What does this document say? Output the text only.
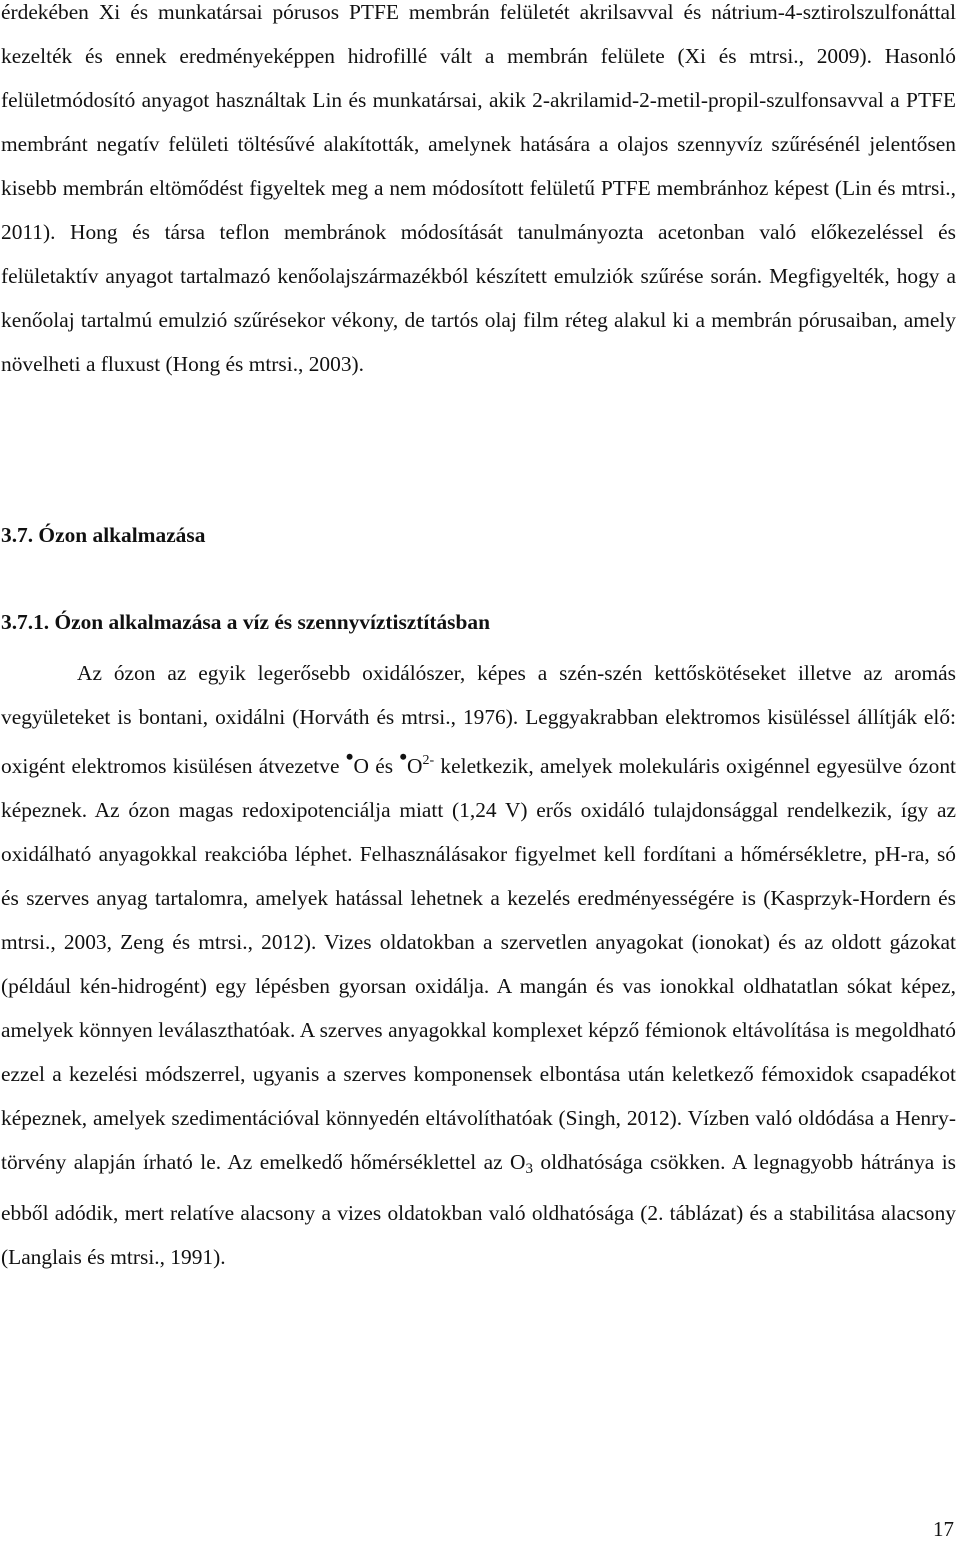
érdekében Xi és munkatársai pórusos PTFE membrán felületét akrilsavval és nátrium-4-sztirolszulfonáttal kezelték és ennek eredményeképpen hidrofillé vált a membrán felülete (Xi és mtrsi., 2009). Hasonló felületmódosító anyagot használtak Lin és munkatársai, akik 2-akrilamid-2-metil-propil-szulfonsavval a PTFE membránt negatív felületi töltésűvé alakították, amelynek hatására a olajos szennyvíz szűrésénél jelentősen kisebb membrán eltömődést figyeltek meg a nem módosított felületű PTFE membránhoz képest (Lin és mtrsi., 2011). Hong és társa teflon membránok módosítását tanulmányozta acetonban való előkezeléssel és felületaktív anyagot tartalmazó kenőolajszármazékból készített emulziók szűrése során. Megfigyelték, hogy a kenőolaj tartalmú emulzió szűrésekor vékony, de tartós olaj film réteg alakul ki a membrán pórusaiban, amely növelheti a fluxust (Hong és mtrsi., 2003).

3.7. Ózon alkalmazása
3.7.1. Ózon alkalmazása a víz és szennyvíztisztításban

Az ózon az egyik legerősebb oxidálószer, képes a szén-szén kettőskötéseket illetve az aromás vegyületeket is bontani, oxidálni (Horváth és mtrsi., 1976). Leggyakrabban elektromos kisüléssel állítják elő: oxigént elektromos kisülésen átvezetve •O és $•O^{2-}$ keletkezik, amelyek molekuláris oxigénnel egyesülve ózont képeznek. Az ózon magas redoxipotenciálja miatt (1,24 V) erős oxidáló tulajdonsággal rendelkezik, így az oxidálható anyagokkal reakcióba léphet. Felhasználásakor figyelmet kell fordítani a hőmérsékletre, pH-ra, só és szerves anyag tartalomra, amelyek hatással lehetnek a kezelés eredményességére is (Kasprzyk-Hordern és mtrsi., 2003, Zeng és mtrsi., 2012). Vizes oldatokban a szervetlen anyagokat (ionokat) és az oldott gázokat (például kén-hidrogént) egy lépésben gyorsan oxidálja. A mangán és vas ionokkal oldhatatlan sókat képez, amelyek könnyen leválaszthatóak. A szerves anyagokkal komplexet képző fémionok eltávolítása is megoldható ezzel a kezelési módszerrel, ugyanis a szerves komponensek elbontása után keletkező fémoxidok csapadékot képeznek, amelyek szedimentációval könnyedén eltávolíthatóak (Singh, 2012). Vízben való oldódása a Henry-törvény alapján írható le. Az emelkedő hőmérséklettel az $O_3$ oldhatósága csökken. A legnagyobb hátránya is ebből adódik, mert relatíve alacsony a vizes oldatokban való oldhatósága (2. táblázat) és a stabilitása alacsony (Langlais és mtrsi., 1991).

17
